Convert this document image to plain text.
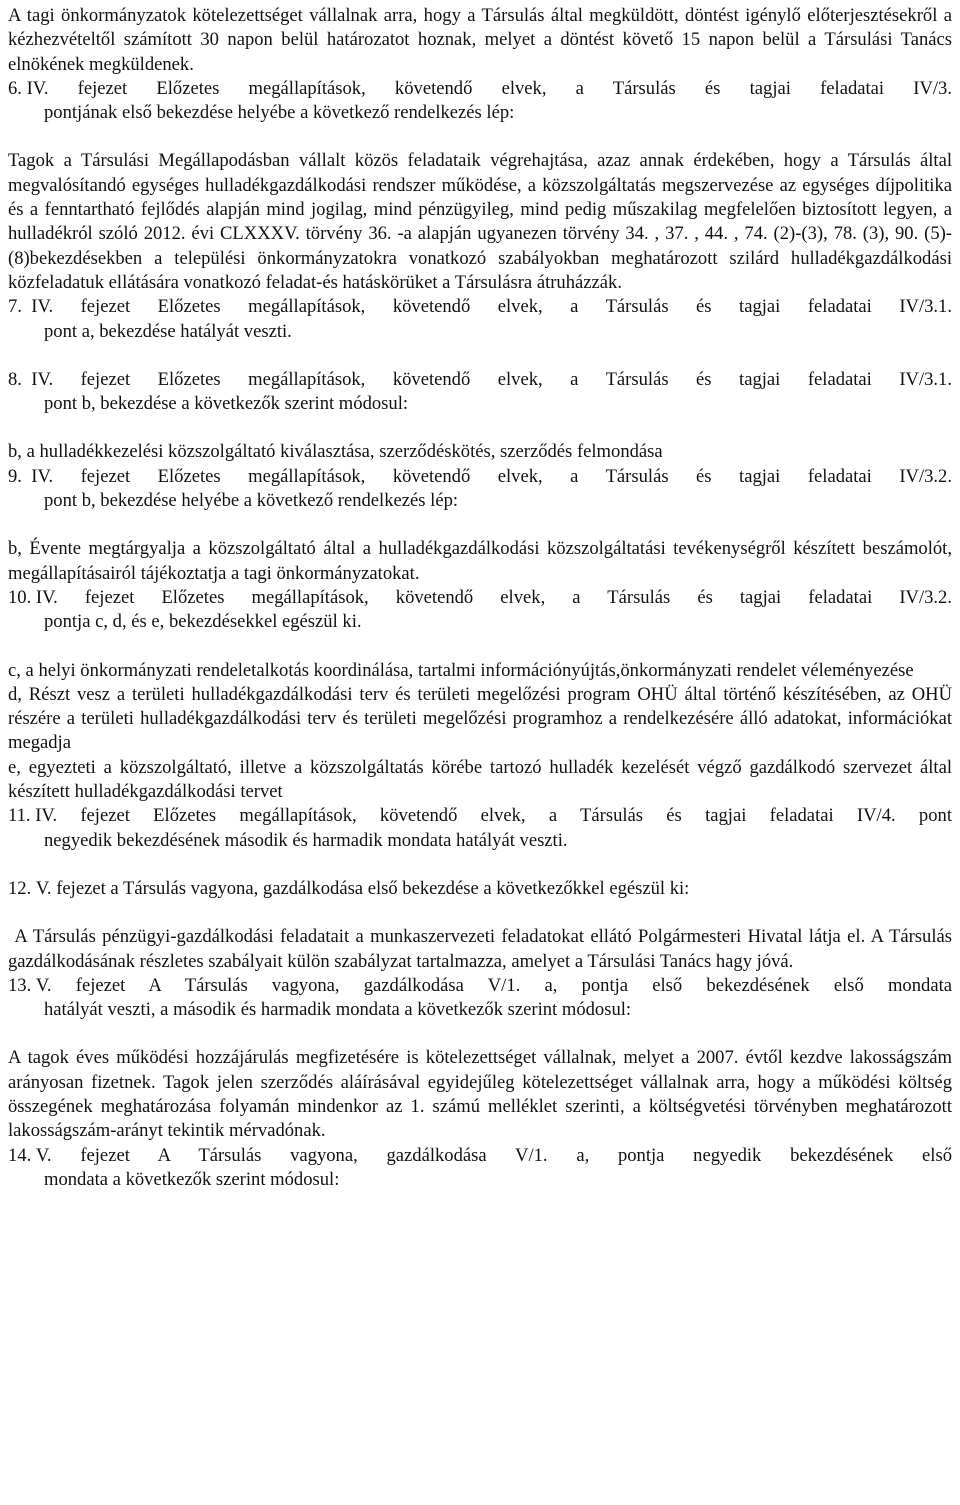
A tagi önkormányzatok kötelezettséget vállalnak arra, hogy a Társulás által megküldött, döntést igénylő előterjesztésekről a kézhezvételtől számított 30 napon belül határozatot hoznak, melyet a döntést követő 15 napon belül a Társulási Tanács elnökének megküldenek.

6.
IV. fejezet Előzetes megállapítások, követendő elvek, a Társulás és tagjai feladatai IV/3.

pontjának első bekezdése helyébe a következő rendelkezés lép:

Tagok a Társulási Megállapodásban vállalt közös feladataik végrehajtása, azaz annak érdekében, hogy a Társulás által megvalósítandó egységes hulladékgazdálkodási rendszer működése, a közszolgáltatás megszervezése az egységes díjpolitika és a fenntartható fejlődés alapján mind jogilag, mind pénzügyileg, mind pedig műszakilag megfelelően biztosított legyen, a hulladékról szóló 2012. évi CLXXXV. törvény 36. -a alapján ugyanezen törvény 34. , 37. , 44. , 74. (2)-(3), 78. (3), 90. (5)-(8)bekezdésekben a települési önkormányzatokra vonatkozó szabályokban meghatározott szilárd hulladékgazdálkodási közfeladatuk ellátására vonatkozó feladat-és hatáskörüket a Társulásra átruházzák.

7.
IV. fejezet Előzetes megállapítások, követendő elvek, a Társulás és tagjai feladatai IV/3.1.

pont a, bekezdése hatályát veszti.

8.
IV. fejezet Előzetes megállapítások, követendő elvek, a Társulás és tagjai feladatai IV/3.1.

pont b, bekezdése a következők szerint módosul:

b, a hulladékkezelési közszolgáltató kiválasztása, szerződéskötés, szerződés felmondása

9.
IV. fejezet Előzetes megállapítások, követendő elvek, a Társulás és tagjai feladatai IV/3.2.

pont b, bekezdése helyébe a következő rendelkezés lép:

b, Évente megtárgyalja a közszolgáltató által a hulladékgazdálkodási közszolgáltatási tevékenységről készített beszámolót, megállapításairól tájékoztatja a tagi önkormányzatokat.

10.
IV. fejezet Előzetes megállapítások, követendő elvek, a Társulás és tagjai feladatai IV/3.2.

pontja c, d, és e, bekezdésekkel egészül ki.

c, a helyi önkormányzati rendeletalkotás koordinálása, tartalmi információnyújtás,önkormányzati rendelet véleményezése

d, Részt vesz a területi hulladékgazdálkodási terv és területi megelőzési program OHÜ által történő készítésében, az OHÜ részére a területi hulladékgazdálkodási terv és területi megelőzési programhoz a rendelkezésére álló adatokat, információkat megadja

e, egyezteti a közszolgáltató, illetve a közszolgáltatás körébe tartozó hulladék kezelését végző gazdálkodó szervezet által készített hulladékgazdálkodási tervet

11.
IV. fejezet Előzetes megállapítások, követendő elvek, a Társulás és tagjai feladatai IV/4. pont

negyedik bekezdésének második és harmadik mondata hatályát veszti.

12.
V. fejezet a Társulás vagyona, gazdálkodása első bekezdése a következőkkel egészül ki:

A Társulás pénzügyi-gazdálkodási feladatait a munkaszervezeti feladatokat ellátó Polgármesteri Hivatal látja el. A Társulás gazdálkodásának részletes szabályait külön szabályzat tartalmazza, amelyet a Társulási Tanács hagy jóvá.

13.
V. fejezet A Társulás vagyona, gazdálkodása V/1. a, pontja első bekezdésének első mondata

hatályát veszti, a második és harmadik mondata a következők szerint módosul:

A tagok éves működési hozzájárulás megfizetésére is kötelezettséget vállalnak, melyet a 2007. évtől kezdve lakosságszám arányosan fizetnek. Tagok jelen szerződés aláírásával egyidejűleg kötelezettséget vállalnak arra, hogy a működési költség összegének meghatározása folyamán mindenkor az 1. számú melléklet szerinti, a költségvetési törvényben meghatározott lakosságszám-arányt tekintik mérvadónak.

14.
V. fejezet A Társulás vagyona, gazdálkodása V/1. a, pontja negyedik bekezdésének első

mondata a következők szerint módosul:
